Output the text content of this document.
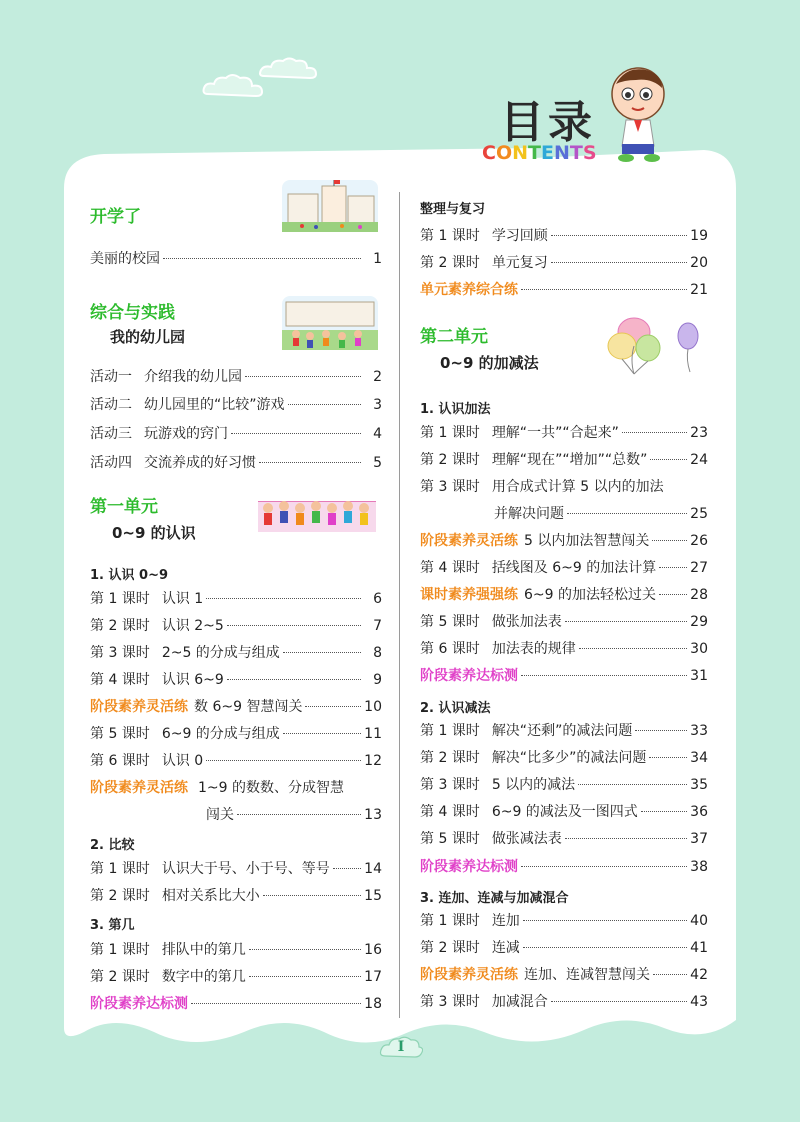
目录
CONTENTS
开学了
美丽的校园	1
综合与实践
我的幼儿园
活动一 介绍我的幼儿园	2
活动二 幼儿园里的“比较”游戏	3
活动三 玩游戏的窍门	4
活动四 交流养成的好习惯	5
第一单元
0~9 的认识
1. 认识 0~9
第 1 课时 认识 1	6
第 2 课时 认识 2~5	7
第 3 课时 2~5 的分成与组成	8
第 4 课时 认识 6~9	9
阶段素养灵活练 数 6~9 智慧闯关	10
第 5 课时 6~9 的分成与组成	11
第 6 课时 认识 0	12
阶段素养灵活练 1~9 的数数、分成智慧
闯关	13
2. 比较
第 1 课时 认识大于号、小于号、等号 14
第 2 课时 相对关系比大小	15
3. 第几
第 1 课时 排队中的第几	16
第 2 课时 数字中的第几	17
阶段素养达标测	18
整理与复习
第 1 课时 学习回顾	19
第 2 课时 单元复习	20
单元素养综合练	21
第二单元
0~9 的加减法
1. 认识加法
第 1 课时 理解“一共”“合起来”	23
第 2 课时 理解“现在”“增加”“总数”	24
第 3 课时 用合成式计算 5 以内的加法
并解决问题	25
阶段素养灵活练 5 以内加法智慧闯关	26
第 4 课时 括线图及 6~9 的加法计算 27
课时素养强强练 6~9 的加法轻松过关 28
第 5 课时 做张加法表	29
第 6 课时 加法表的规律	30
阶段素养达标测	31
2. 认识减法
第 1 课时 解决“还剩”的减法问题	33
第 2 课时 解决“比多少”的减法问题	34
第 3 课时 5 以内的减法	35
第 4 课时 6~9 的减法及一图四式	36
第 5 课时 做张减法表	37
阶段素养达标测	38
3. 连加、连减与加减混合
第 1 课时 连加	40
第 2 课时 连减	41
阶段素养灵活练 连加、连减智慧闯关	42
第 3 课时 加减混合	43
I
